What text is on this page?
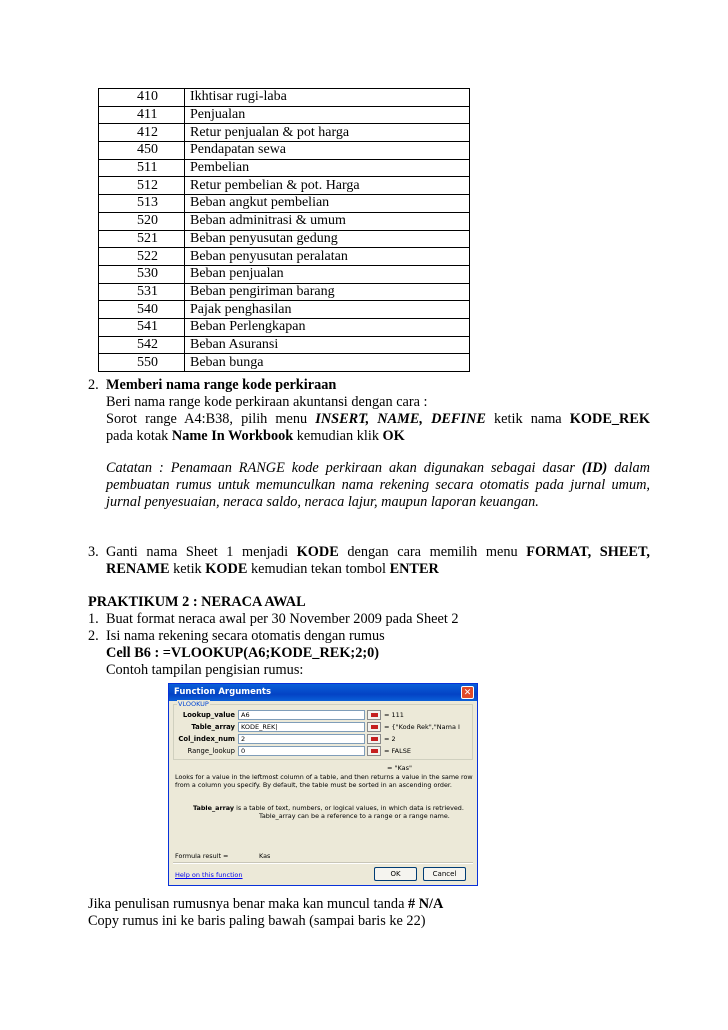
410	Ikhtisar rugi-laba
411	Penjualan
412	Retur penjualan & pot harga
450	Pendapatan sewa
511	Pembelian
512	Retur pembelian & pot. Harga
513	Beban angkut pembelian
520	Beban adminitrasi & umum
521	Beban penyusutan gedung
522	Beban penyusutan peralatan
530	Beban penjualan
531	Beban pengiriman barang
540	Pajak penghasilan
541	Beban Perlengkapan
542	Beban Asuransi
550	Beban bunga
2. Memberi nama range kode perkiraan
Beri nama range kode perkiraan akuntansi dengan cara :
Sorot range A4:B38, pilih menu INSERT, NAME, DEFINE ketik nama KODE_REK
pada kotak Name In Workbook kemudian klik OK
Catatan : Penamaan RANGE kode perkiraan akan digunakan sebagai dasar (ID) dalam
pembuatan rumus untuk memunculkan nama rekening secara otomatis pada jurnal umum,
jurnal penyesuaian, neraca saldo, neraca lajur, maupun laporan keuangan.
3. Ganti nama Sheet 1 menjadi KODE dengan cara memilih menu FORMAT, SHEET,
RENAME ketik KODE kemudian tekan tombol ENTER
PRAKTIKUM 2 : NERACA AWAL
1. Buat format neraca awal per 30 November 2009 pada Sheet 2
2. Isi nama rekening secara otomatis dengan rumus
Cell B6 : =VLOOKUP(A6;KODE_REK;2;0)
Contoh tampilan pengisian rumus:
Function Arguments	✕
VLOOKUP
Lookup_value A6	= 111
Table_array KODE_REK|	= {"Kode Rek","Nama I
Col_index_num 2	= 2
Range_lookup 0	= FALSE
= "Kas"
Looks for a value in the leftmost column of a table, and then returns a value in the same row
from a column you specify. By default, the table must be sorted in an ascending order.
Table_array is a table of text, numbers, or logical values, in which data is retrieved.
Table_array can be a reference to a range or a range name.
Formula result =	Kas
Help on this function	OK	Cancel
Jika penulisan rumusnya benar maka kan muncul tanda # N/A
Copy rumus ini ke baris paling bawah (sampai baris ke 22)
